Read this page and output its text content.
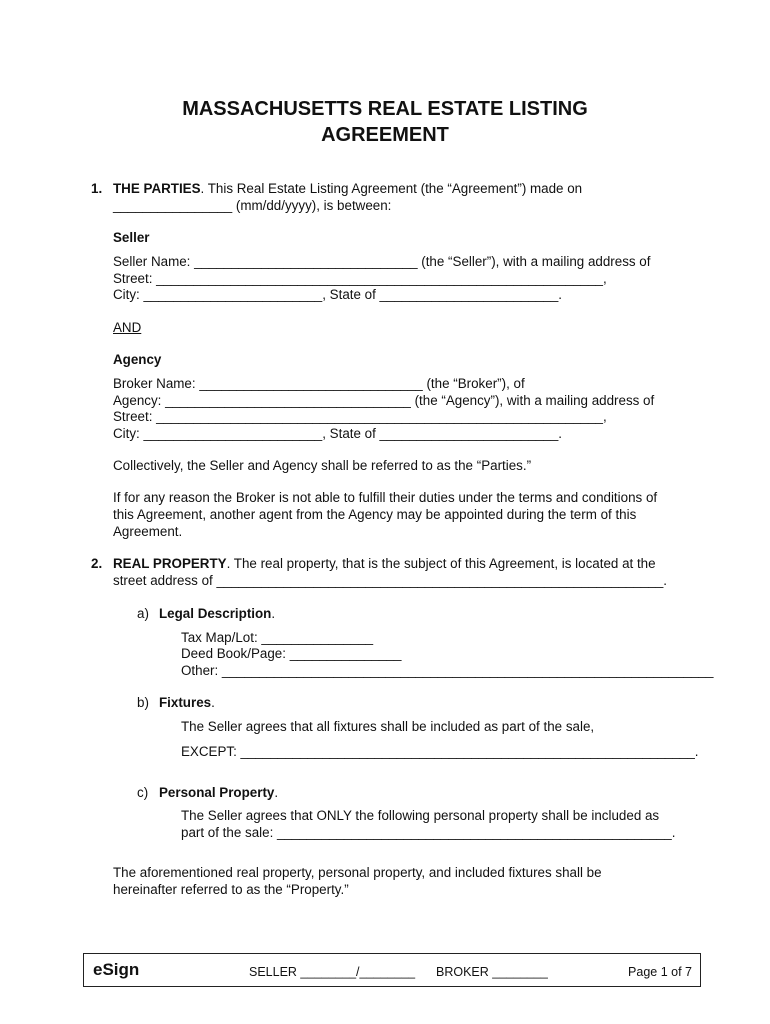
MASSACHUSETTS REAL ESTATE LISTING
AGREEMENT
1. THE PARTIES. This Real Estate Listing Agreement (the “Agreement”) made on
________________ (mm/dd/yyyy), is between:
Seller
Seller Name: ______________________________ (the “Seller”), with a mailing address of
Street: ____________________________________________________________,
City: ________________________, State of ________________________.
AND
Agency
Broker Name: ______________________________ (the “Broker”), of
Agency: _________________________________ (the “Agency”), with a mailing address of
Street: ____________________________________________________________,
City: ________________________, State of ________________________.
Collectively, the Seller and Agency shall be referred to as the “Parties.”
If for any reason the Broker is not able to fulfill their duties under the terms and conditions of
this Agreement, another agent from the Agency may be appointed during the term of this
Agreement.
2. REAL PROPERTY. The real property, that is the subject of this Agreement, is located at the
street address of ____________________________________________________________.
a) Legal Description.
Tax Map/Lot: _______________
Deed Book/Page: _______________
Other: __________________________________________________________________
b) Fixtures.
The Seller agrees that all fixtures shall be included as part of the sale,
EXCEPT: _____________________________________________________________.
c) Personal Property.
The Seller agrees that ONLY the following personal property shall be included as
part of the sale: _____________________________________________________.
The aforementioned real property, personal property, and included fixtures shall be
hereinafter referred to as the “Property.”
eSign	SELLER ________/________ BROKER ________	Page 1 of 7
